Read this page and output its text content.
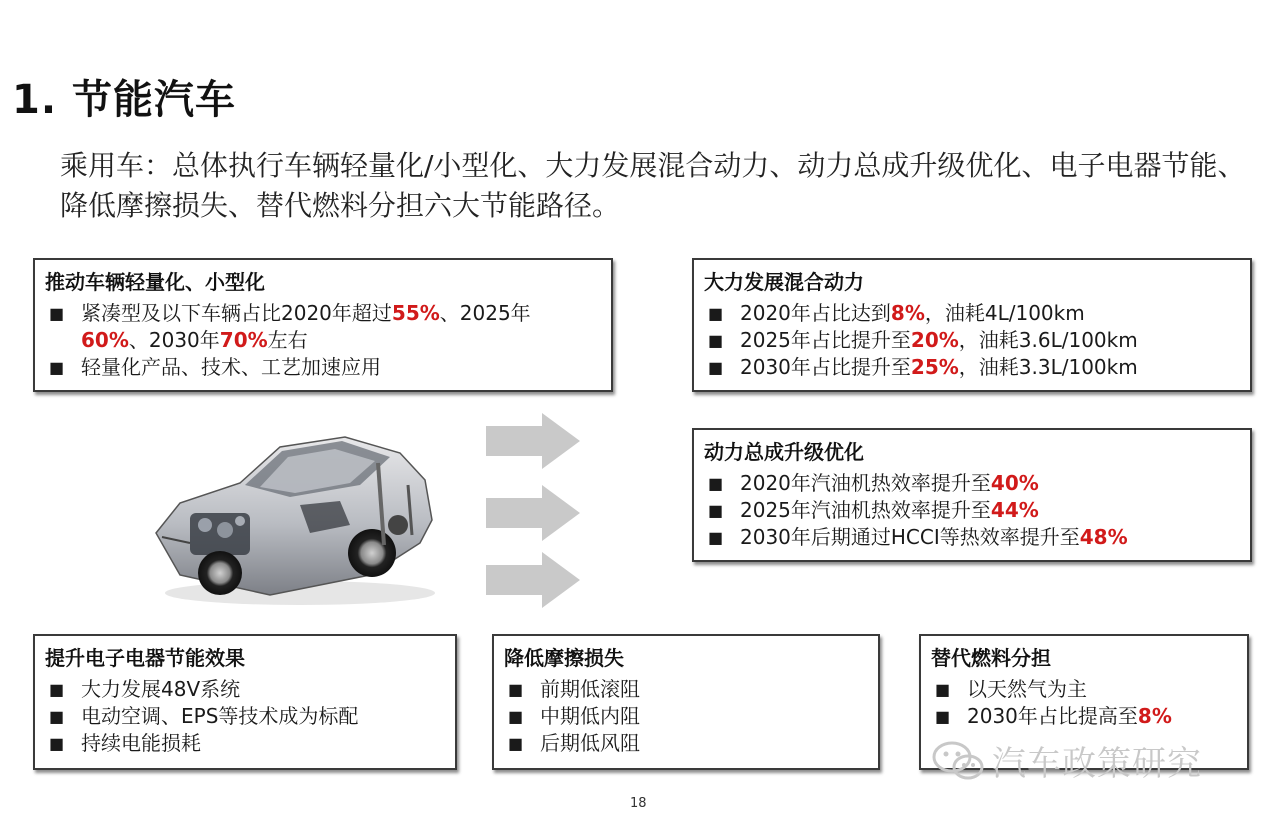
1. 节能汽车
乘用车：总体执行车辆轻量化/小型化、大力发展混合动力、动力总成升级优化、电子电器节能、降低摩擦损失、替代燃料分担六大节能路径。
推动车辆轻量化、小型化
■ 紧凑型及以下车辆占比2020年超过55%、2025年
60%、2030年70%左右
■ 轻量化产品、技术、工艺加速应用
大力发展混合动力
■ 2020年占比达到8%，油耗4L/100km
■ 2025年占比提升至20%，油耗3.6L/100km
■ 2030年占比提升至25%，油耗3.3L/100km
动力总成升级优化
■ 2020年汽油机热效率提升至40%
■ 2025年汽油机热效率提升至44%
■ 2030年后期通过HCCI等热效率提升至48%
提升电子电器节能效果
■ 大力发展48V系统
■ 电动空调、EPS等技术成为标配
■ 持续电能损耗
降低摩擦损失
■ 前期低滚阻
■ 中期低内阻
■ 后期低风阻
替代燃料分担
■ 以天然气为主
■ 2030年占比提高至8%
18
汽车政策研究
